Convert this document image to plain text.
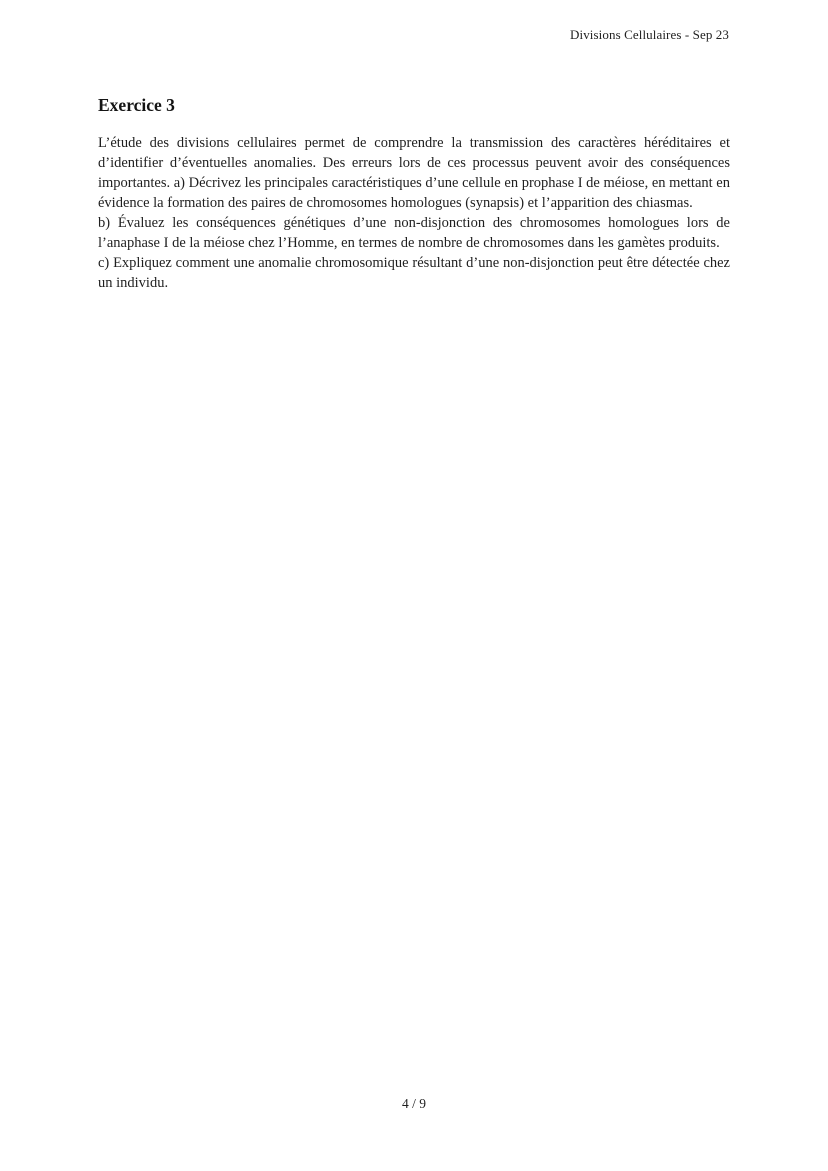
Divisions Cellulaires - Sep 23
Exercice 3

L’étude des divisions cellulaires permet de comprendre la transmission des caractères héréditaires et d’identifier d’éventuelles anomalies. Des erreurs lors de ces processus peuvent avoir des conséquences importantes. a) Décrivez les principales caractéristiques d’une cellule en prophase I de méiose, en mettant en évidence la formation des paires de chromosomes homologues (synapsis) et l’apparition des chiasmas.

b) Évaluez les conséquences génétiques d’une non-disjonction des chromosomes homologues lors de l’anaphase I de la méiose chez l’Homme, en termes de nombre de chromosomes dans les gamètes produits.

c) Expliquez comment une anomalie chromosomique résultant d’une non-disjonction peut être détectée chez un individu.

4 / 9
